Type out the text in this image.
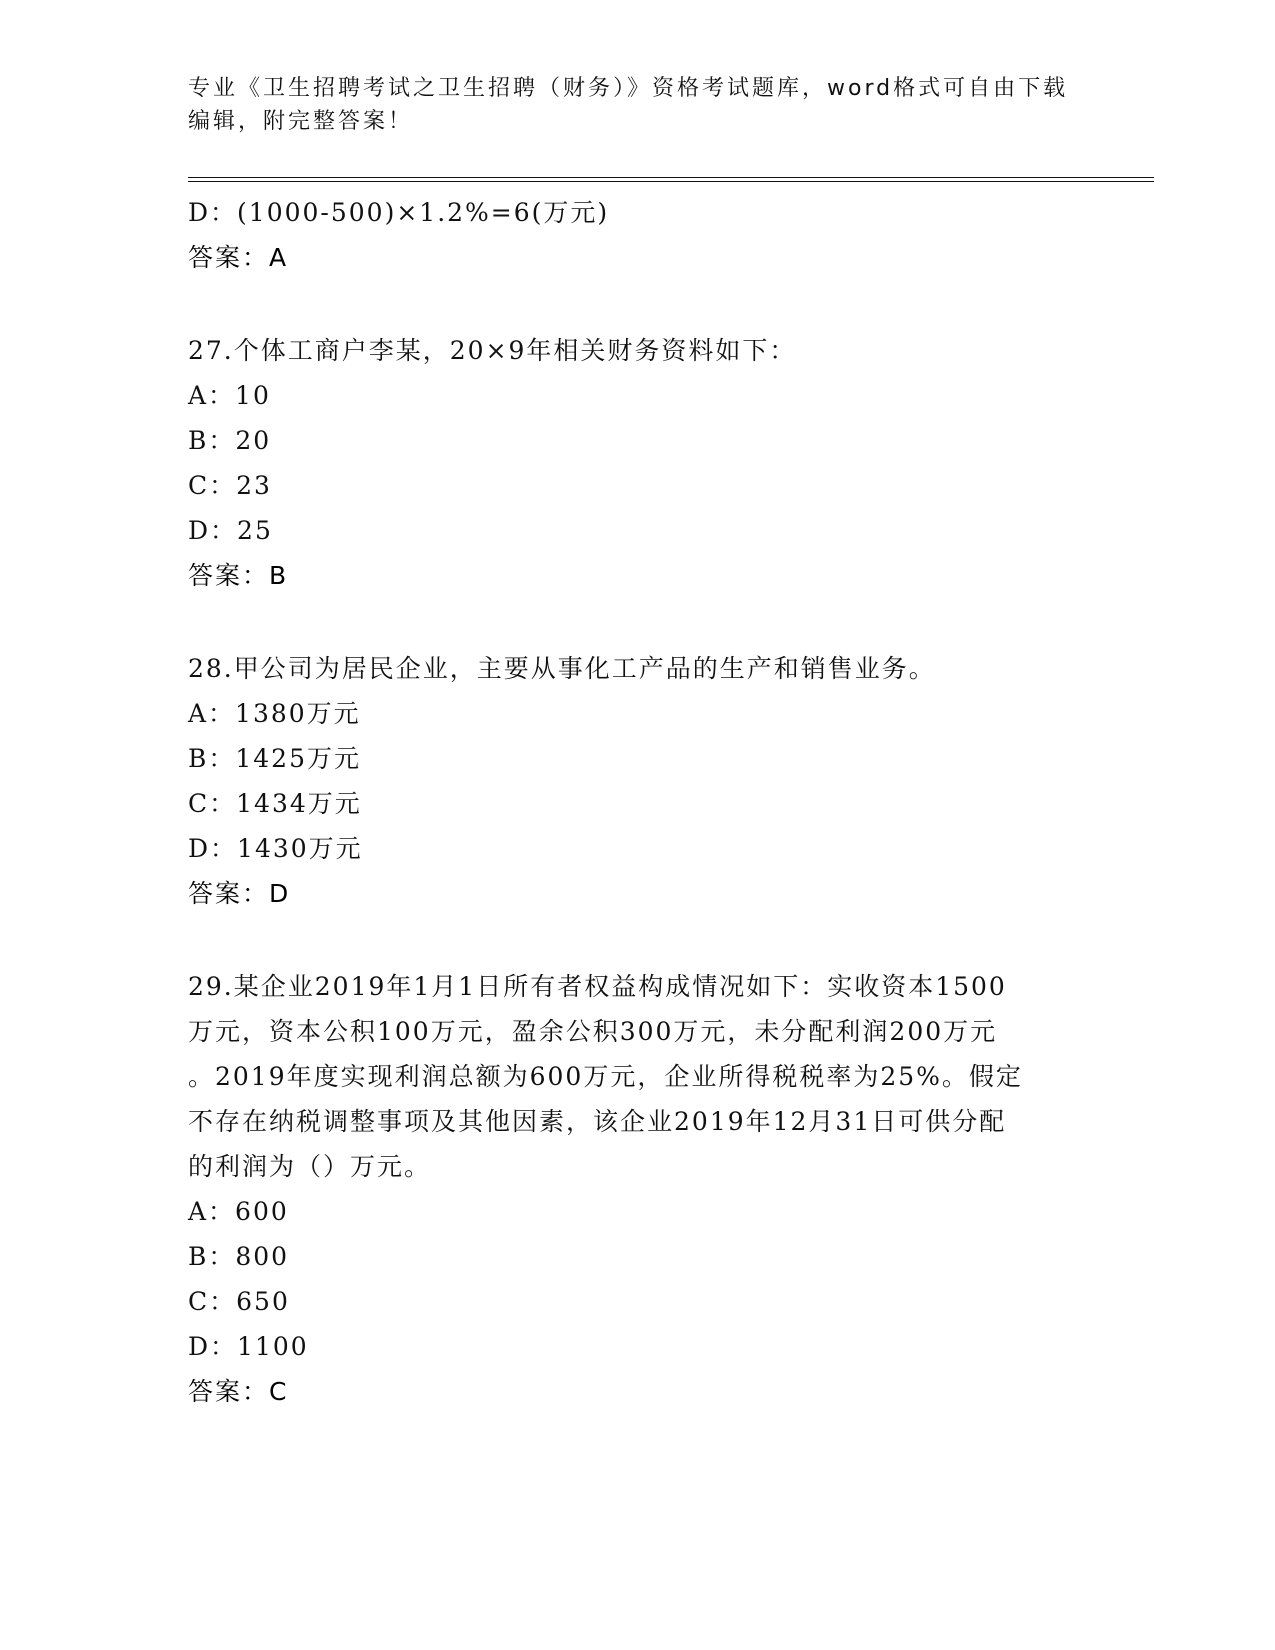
专业《卫生招聘考试之卫生招聘（财务）》资格考试题库，word格式可自由下载
编辑，附完整答案！
D：(1000-500)×1.2%=6(万元)
答案：A
27.个体工商户李某，20×9年相关财务资料如下：
A：10
B：20
C：23
D：25
答案：B
28.甲公司为居民企业，主要从事化工产品的生产和销售业务。
A：1380万元
B：1425万元
C：1434万元
D：1430万元
答案：D
29.某企业2019年1月1日所有者权益构成情况如下：实收资本1500
万元，资本公积100万元，盈余公积300万元，未分配利润200万元
。2019年度实现利润总额为600万元，企业所得税税率为25%。假定
不存在纳税调整事项及其他因素，该企业2019年12月31日可供分配
的利润为（）万元。
A：600
B：800
C：650
D：1100
答案：C
